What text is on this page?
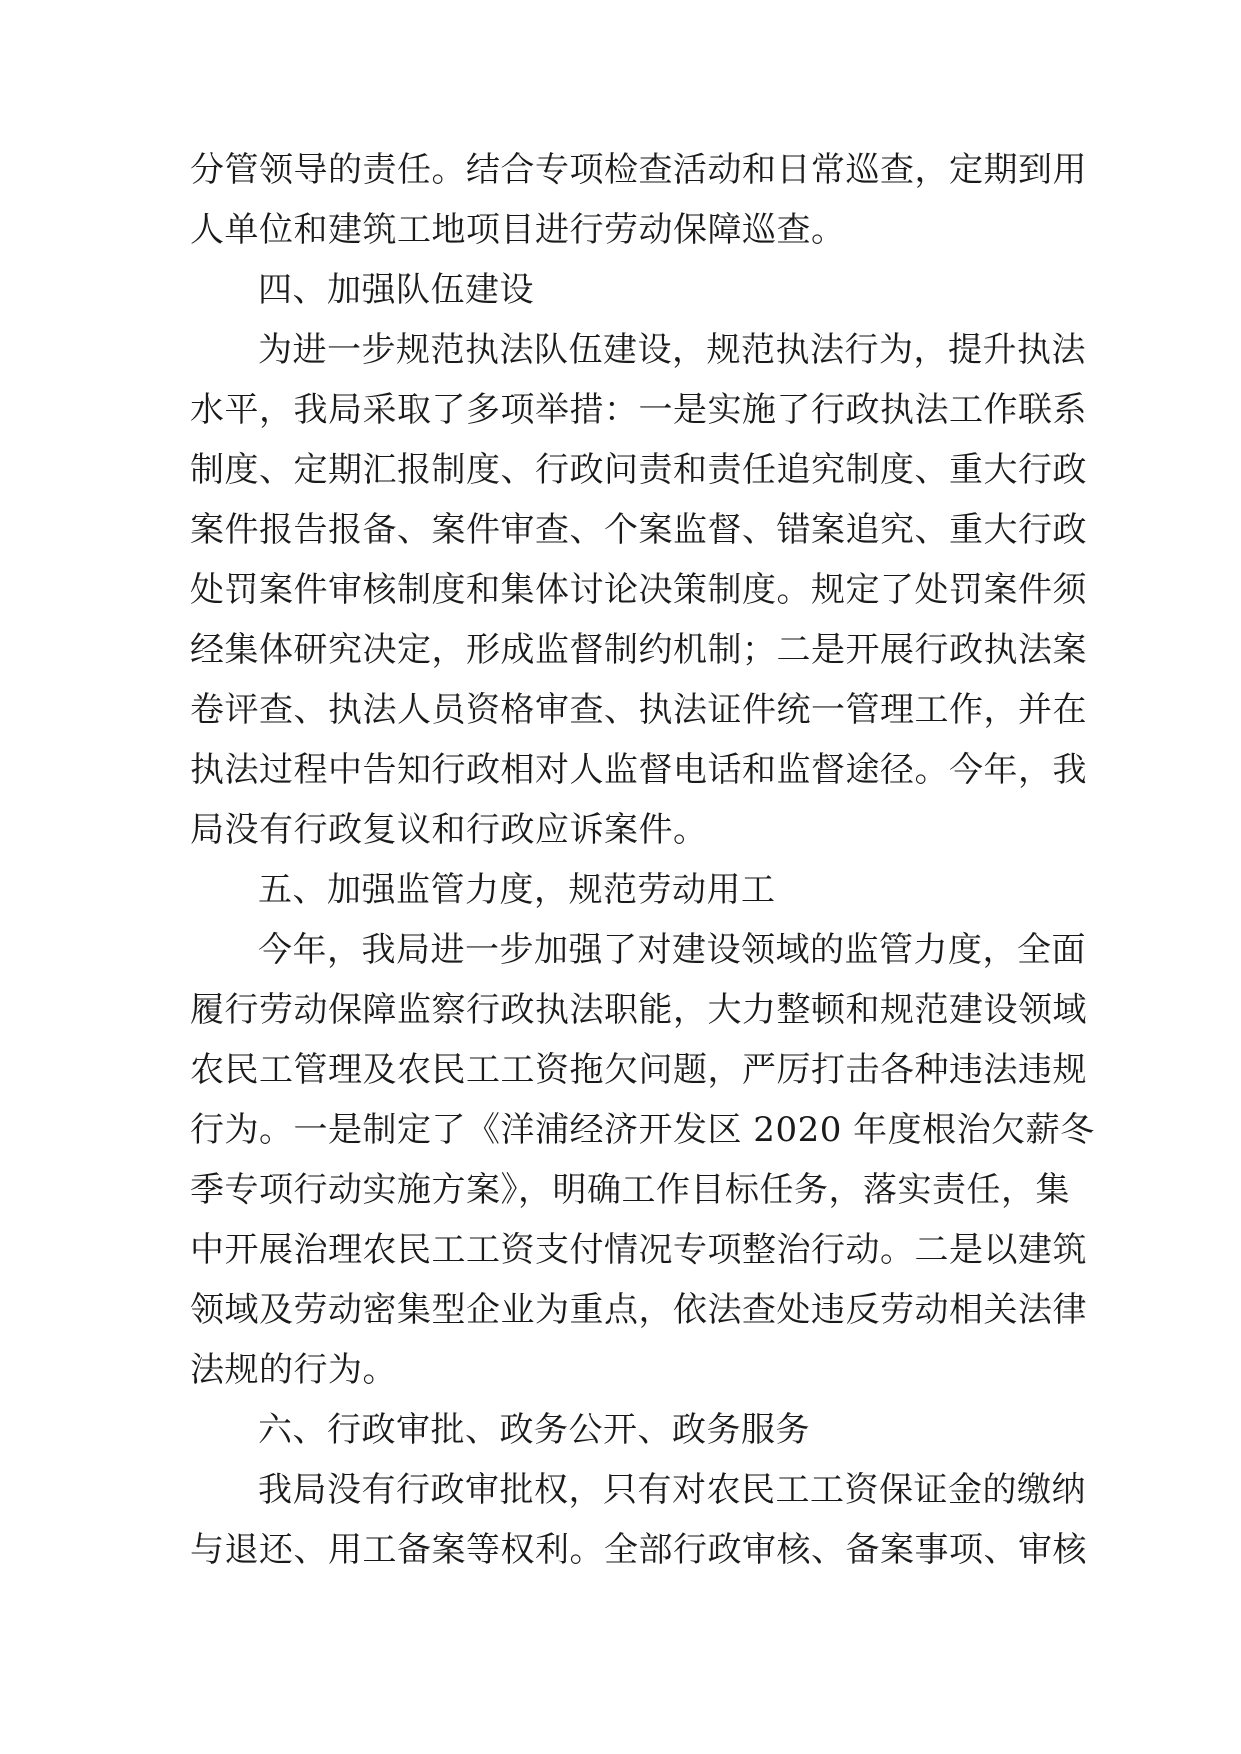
分管领导的责任。结合专项检查活动和日常巡查，定期到用
人单位和建筑工地项目进行劳动保障巡查。
四、加强队伍建设
为进一步规范执法队伍建设，规范执法行为，提升执法
水平，我局采取了多项举措：一是实施了行政执法工作联系
制度、定期汇报制度、行政问责和责任追究制度、重大行政
案件报告报备、案件审查、个案监督、错案追究、重大行政
处罚案件审核制度和集体讨论决策制度。规定了处罚案件须
经集体研究决定，形成监督制约机制；二是开展行政执法案
卷评查、执法人员资格审查、执法证件统一管理工作，并在
执法过程中告知行政相对人监督电话和监督途径。今年，我
局没有行政复议和行政应诉案件。
五、加强监管力度，规范劳动用工
今年，我局进一步加强了对建设领域的监管力度，全面
履行劳动保障监察行政执法职能，大力整顿和规范建设领域
农民工管理及农民工工资拖欠问题，严厉打击各种违法违规
行为。一是制定了《洋浦经济开发区 2020 年度根治欠薪冬
季专项行动实施方案》，明确工作目标任务，落实责任，集
中开展治理农民工工资支付情况专项整治行动。二是以建筑
领域及劳动密集型企业为重点，依法查处违反劳动相关法律
法规的行为。
六、行政审批、政务公开、政务服务
我局没有行政审批权，只有对农民工工资保证金的缴纳
与退还、用工备案等权利。全部行政审核、备案事项、审核
